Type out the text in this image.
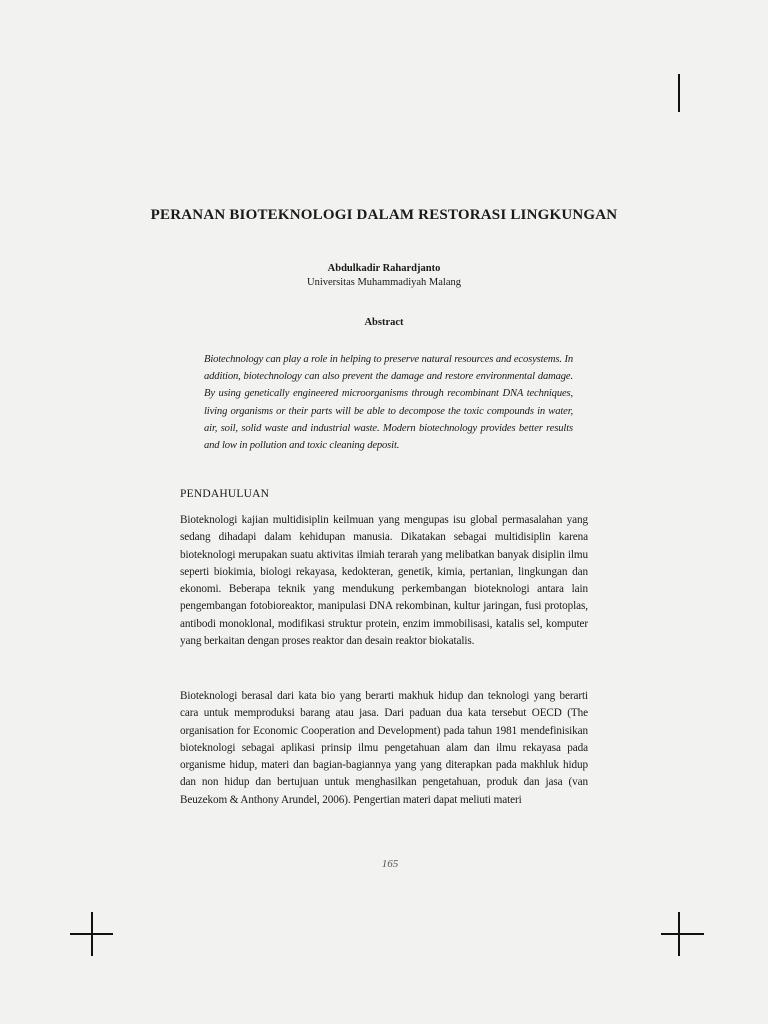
PERANAN BIOTEKNOLOGI DALAM RESTORASI LINGKUNGAN
Abdulkadir Rahardjanto
Universitas Muhammadiyah Malang
Abstract
Biotechnology can play a role in helping to preserve natural resources and ecosystems. In addition, biotechnology can also prevent the damage and restore environmental damage. By using genetically engineered microorganisms through recombinant DNA techniques, living organisms or their parts will be able to decompose the toxic compounds in water, air, soil, solid waste and industrial waste. Modern biotechnology provides better results and low in pollution and toxic cleaning deposit.
PENDAHULUAN

Bioteknologi kajian multidisiplin keilmuan yang mengupas isu global permasalahan yang sedang dihadapi dalam kehidupan manusia. Dikatakan sebagai multidisiplin karena bioteknologi merupakan suatu aktivitas ilmiah terarah yang melibatkan banyak disiplin ilmu seperti biokimia, biologi rekayasa, kedokteran, genetik, kimia, pertanian, lingkungan dan ekonomi. Beberapa teknik yang mendukung perkembangan bioteknologi antara lain pengembangan fotobioreaktor, manipulasi DNA rekombinan, kultur jaringan, fusi protoplas, antibodi monoklonal, modifikasi struktur protein, enzim immobilisasi, katalis sel, komputer yang berkaitan dengan proses reaktor dan desain reaktor biokatalis.

Bioteknologi berasal dari kata bio yang berarti makhuk hidup dan teknologi yang berarti cara untuk memproduksi barang atau jasa. Dari paduan dua kata tersebut OECD (The organisation for Economic Cooperation and Development) pada tahun 1981 mendefinisikan bioteknologi sebagai aplikasi prinsip ilmu pengetahuan alam dan ilmu rekayasa pada organisme hidup, materi dan bagian-bagiannya yang yang diterapkan pada makhluk hidup dan non hidup dan bertujuan untuk menghasilkan pengetahuan, produk dan jasa (van Beuzekom & Anthony Arundel, 2006). Pengertian materi dapat meliuti materi

165
